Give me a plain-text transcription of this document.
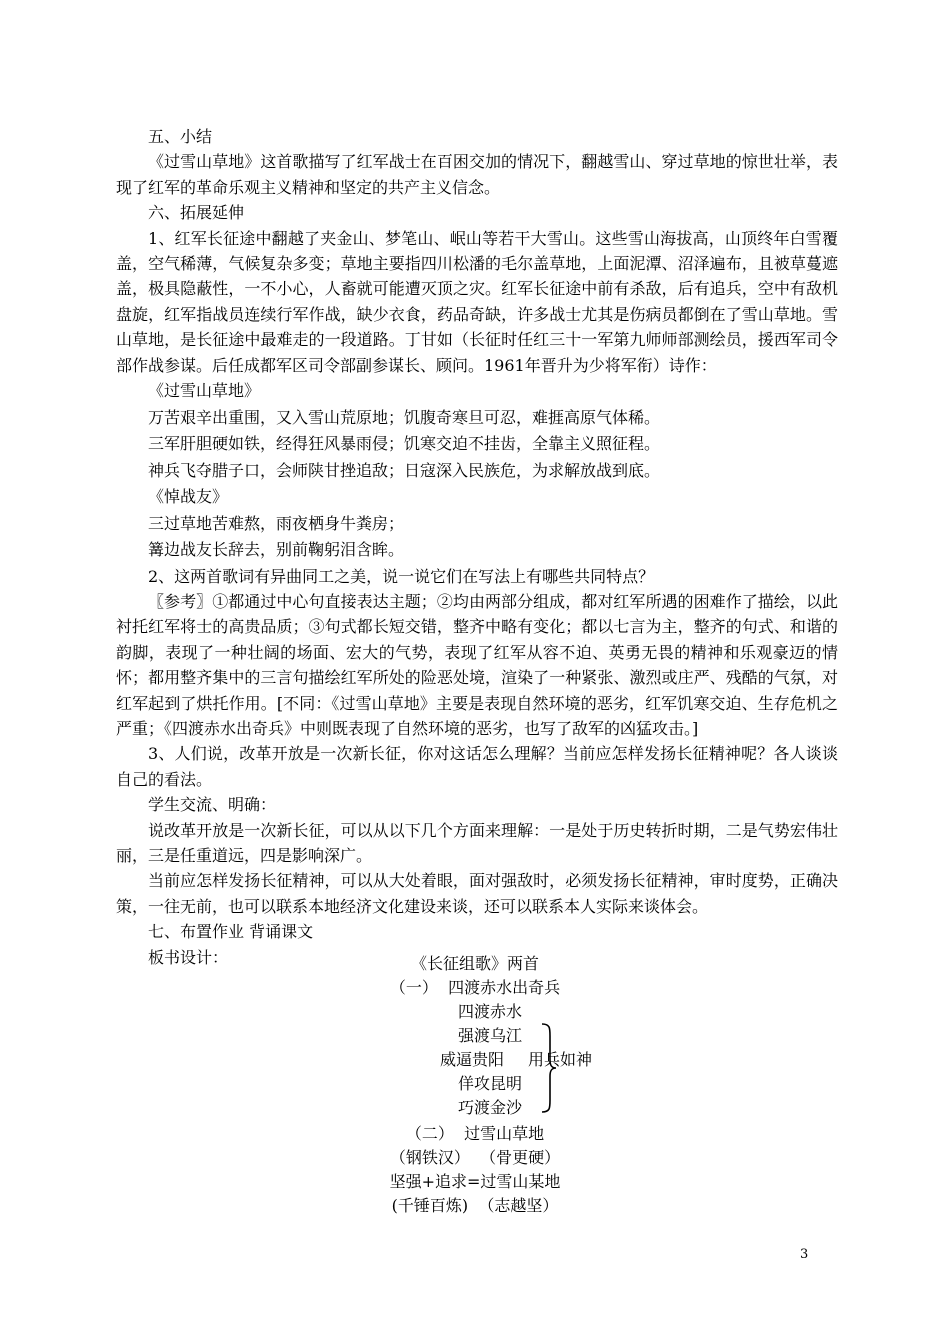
五、小结

《过雪山草地》这首歌描写了红军战士在百困交加的情况下，翻越雪山、穿过草地的惊世壮举，表现了红军的革命乐观主义精神和坚定的共产主义信念。

六、拓展延伸

1、红军长征途中翻越了夹金山、梦笔山、岷山等若干大雪山。这些雪山海拔高，山顶终年白雪覆盖，空气稀薄，气候复杂多变；草地主要指四川松潘的毛尔盖草地，上面泥潭、沼泽遍布，且被草蔓遮盖，极具隐蔽性，一不小心，人畜就可能遭灭顶之灾。红军长征途中前有杀敌，后有追兵，空中有敌机盘旋，红军指战员连续行军作战，缺少衣食，药品奇缺，许多战士尤其是伤病员都倒在了雪山草地。雪山草地，是长征途中最难走的一段道路。丁甘如（长征时任红三十一军第九师师部测绘员，援西军司令部作战参谋。后任成都军区司令部副参谋长、顾问。1961年晋升为少将军衔）诗作：

《过雪山草地》

万苦艰辛出重围，又入雪山荒原地；饥腹奇寒旦可忍，难捱高原气体稀。

三军肝胆硬如铁，经得狂风暴雨侵；饥寒交迫不挂齿，全靠主义照征程。

神兵飞夺腊子口，会师陕甘挫追敌；日寇深入民族危，为求解放战到底。

《悼战友》

三过草地苦难熬，雨夜栖身牛粪房；

篝边战友长辞去，别前鞠躬泪含眸。

2、这两首歌词有异曲同工之美，说一说它们在写法上有哪些共同特点？

〖参考〗①都通过中心句直接表达主题；②均由两部分组成，都对红军所遇的困难作了描绘，以此衬托红军将士的高贵品质；③句式都长短交错，整齐中略有变化；都以七言为主，整齐的句式、和谐的韵脚，表现了一种壮阔的场面、宏大的气势，表现了红军从容不迫、英勇无畏的精神和乐观豪迈的情怀；都用整齐集中的三言句描绘红军所处的险恶处境，渲染了一种紧张、激烈或庄严、残酷的气氛，对红军起到了烘托作用。[不同：《过雪山草地》主要是表现自然环境的恶劣，红军饥寒交迫、生存危机之严重；《四渡赤水出奇兵》中则既表现了自然环境的恶劣，也写了敌军的凶猛攻击。]

3、人们说，改革开放是一次新长征，你对这话怎么理解？当前应怎样发扬长征精神呢？各人谈谈自己的看法。

学生交流、明确：

说改革开放是一次新长征，可以从以下几个方面来理解：一是处于历史转折时期，二是气势宏伟壮丽，三是任重道远，四是影响深广。

当前应怎样发扬长征精神，可以从大处着眼，面对强敌时，必须发扬长征精神，审时度势，正确决策，一往无前，也可以联系本地经济文化建设来谈，还可以联系本人实际来谈体会。

七、布置作业 背诵课文

板书设计：	《长征组歌》两首
（一）  四渡赤水出奇兵
四渡赤水
强渡乌江
威逼贵阳	用兵如神
佯攻昆明
巧渡金沙
（二）  过雪山草地
（钢铁汉）  （骨更硬）
坚强+追求=过雪山某地
(千锤百炼)  （志越坚）
3
